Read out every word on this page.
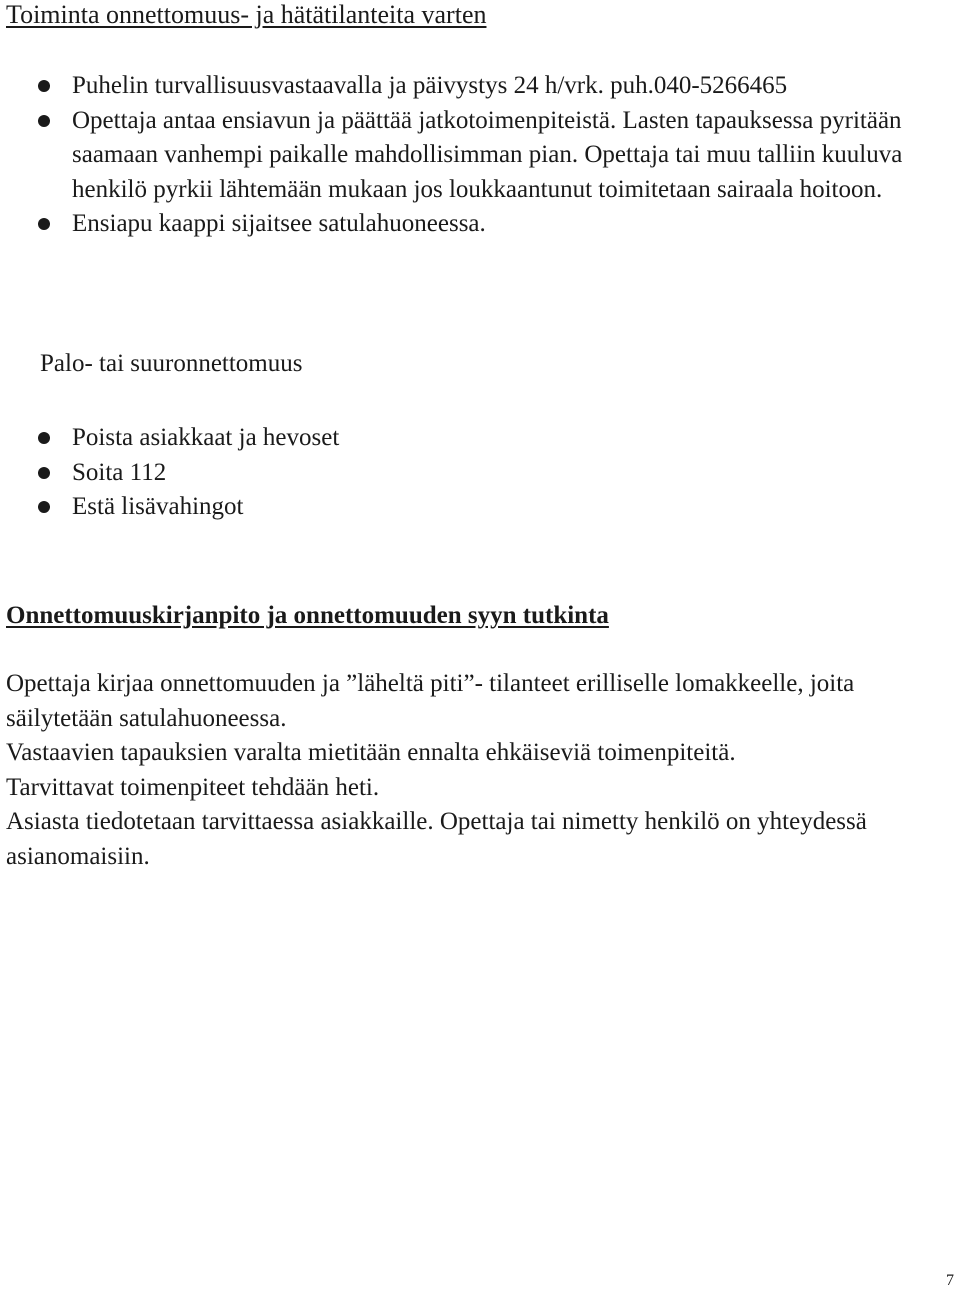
Toiminta onnettomuus- ja hätätilanteita varten
Puhelin turvallisuusvastaavalla ja päivystys 24 h/vrk. puh.040-5266465
Opettaja antaa ensiavun ja päättää jatkotoimenpiteistä. Lasten tapauksessa pyritään saamaan vanhempi paikalle mahdollisimman pian. Opettaja tai muu talliin kuuluva henkilö pyrkii lähtemään mukaan jos loukkaantunut toimitetaan sairaala hoitoon.
Ensiapu kaappi sijaitsee satulahuoneessa.

Palo- tai suuronnettomuus

Poista asiakkaat ja hevoset
Soita 112
Estä lisävahingot
Onnettomuuskirjanpito ja onnettomuuden syyn tutkinta

Opettaja kirjaa onnettomuuden ja ”läheltä piti”- tilanteet erilliselle lomakkeelle, joita säilytetään satulahuoneessa.

Vastaavien tapauksien varalta mietitään ennalta ehkäiseviä toimenpiteitä.

Tarvittavat toimenpiteet tehdään heti.

Asiasta tiedotetaan tarvittaessa asiakkaille. Opettaja tai nimetty henkilö on yhteydessä asianomaisiin.

7
